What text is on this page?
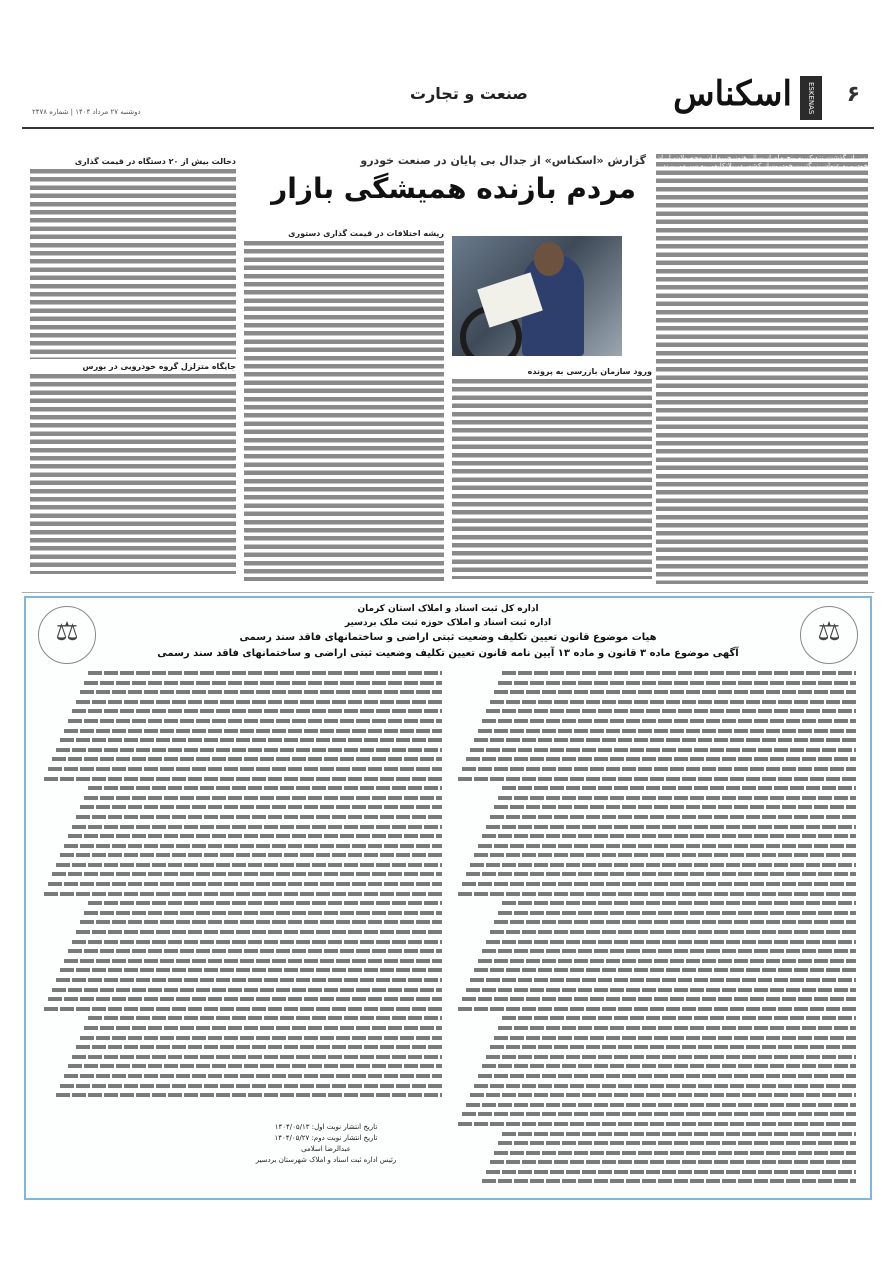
۶
ESKENAS
اسکناس
صنعت و تجارت
دوشنبه ۲۷ مرداد ۱۴۰۴ | شماره ۲۴۷۸
گزارش «اسکناس» از جدال بی پایان در صنعت خودرو
مردم بازنده همیشگی بازار
پس از گذشت نزدیک به پنج ماه از سال هنوز خریداران محصولات ایران خودرو به عنوان بزرگترین خودروساز کشور در بلاتکلیفی به سر می برند.
ریشه اختلافات در قیمت گذاری دستوری
ورود سازمان بازرسی به پرونده
دخالت بیش از ۲۰ دستگاه در قیمت گذاری
جایگاه متزلزل گروه خودرویی در بورس
⚖
⚖
اداره کل ثبت اسناد و املاک استان کرمان
اداره ثبت اسناد و املاک حوزه ثبت ملک بردسیر
هیات موضوع قانون تعیین تکلیف وضعیت ثبتی اراضی و ساختمانهای فاقد سند رسمی
آگهی موضوع ماده ۳ قانون و ماده ۱۳ آیین نامه قانون تعیین تکلیف وضعیت ثبتی اراضی و ساختمانهای فاقد سند رسمی
تاریخ انتشار نوبت اول: ۱۴۰۴/۰۵/۱۳
تاریخ انتشار نوبت دوم: ۱۴۰۴/۰۵/۲۷
عبدالرضا اسلامی
رئیس اداره ثبت اسناد و املاک شهرستان بردسیر
